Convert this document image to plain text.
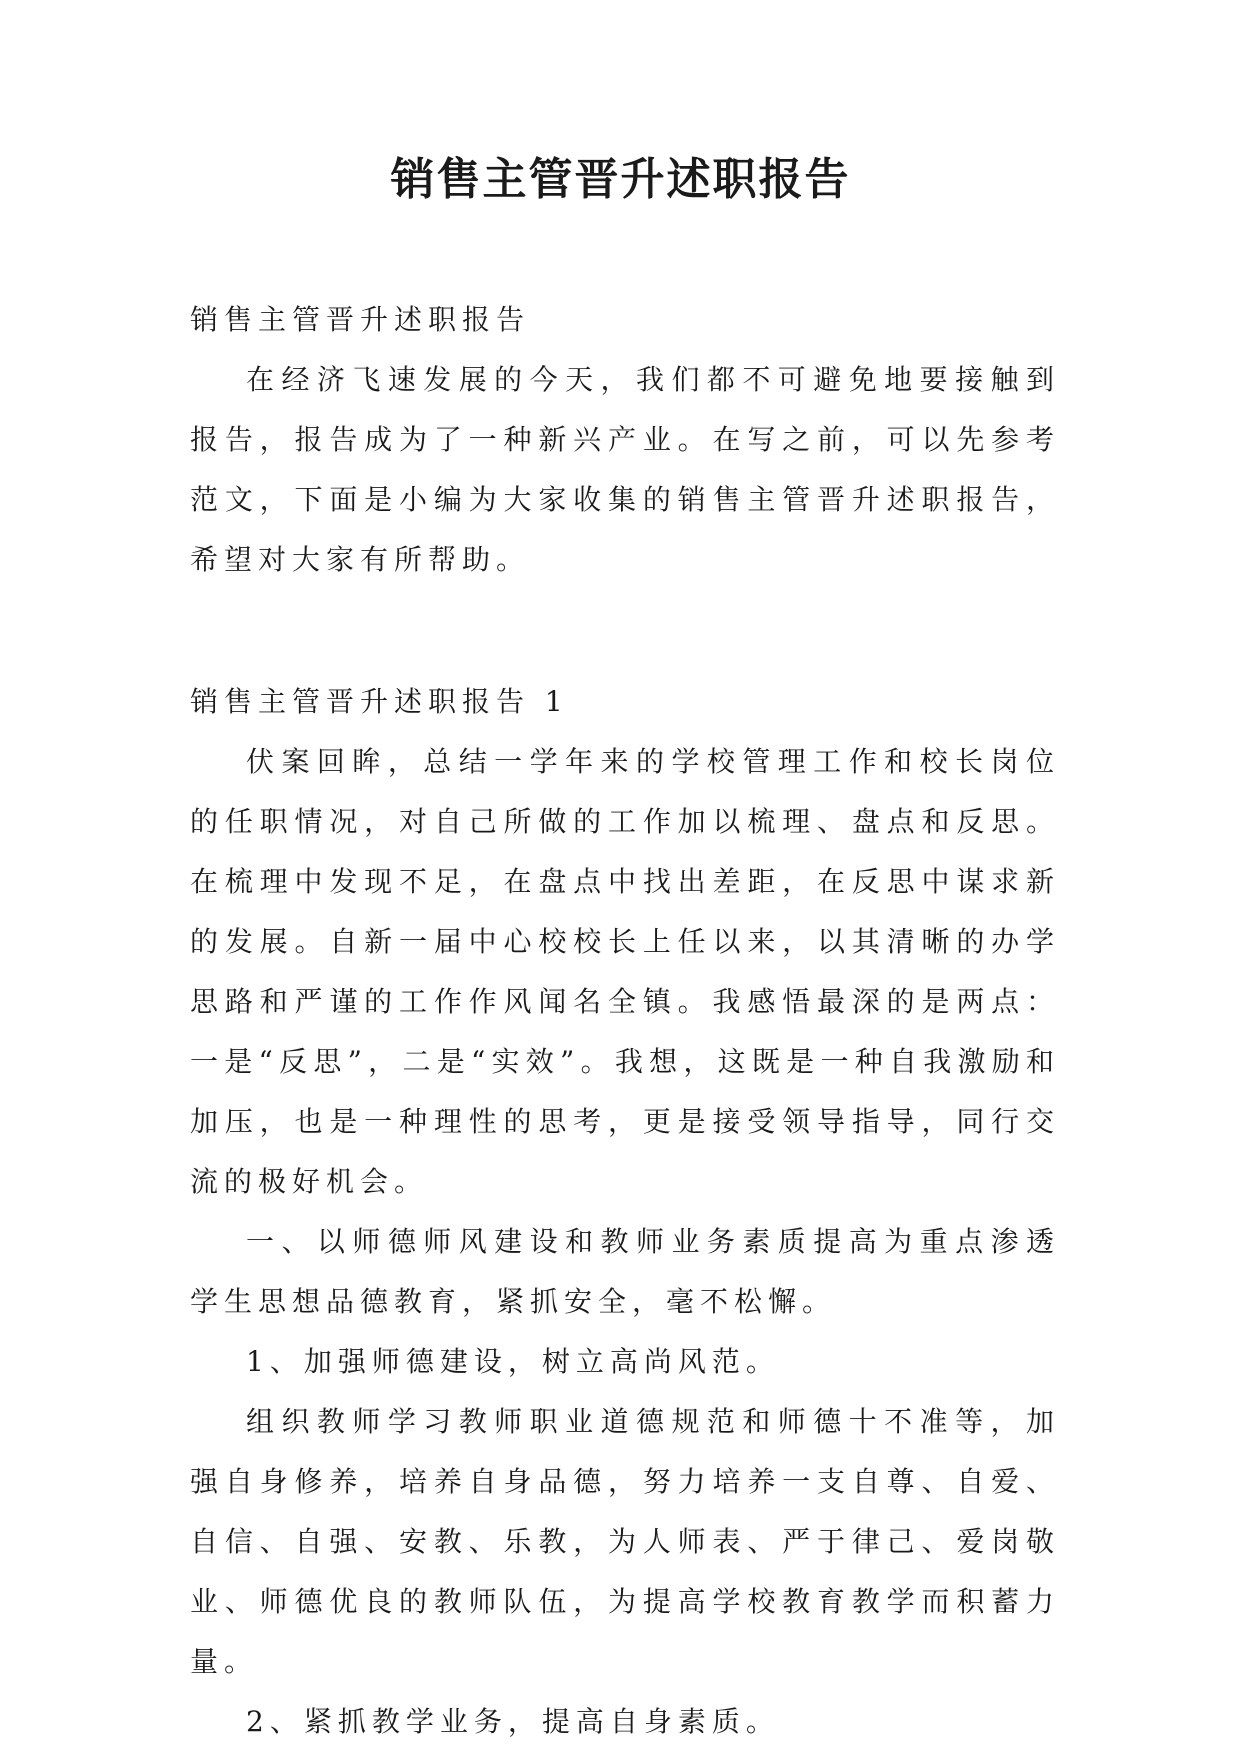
销售主管晋升述职报告

销售主管晋升述职报告

在经济飞速发展的今天，我们都不可避免地要接触到报告，报告成为了一种新兴产业。在写之前，可以先参考范文，下面是小编为大家收集的销售主管晋升述职报告，希望对大家有所帮助。

销售主管晋升述职报告 1

伏案回眸，总结一学年来的学校管理工作和校长岗位的任职情况，对自己所做的工作加以梳理、盘点和反思。在梳理中发现不足，在盘点中找出差距，在反思中谋求新的发展。自新一届中心校校长上任以来，以其清晰的办学思路和严谨的工作作风闻名全镇。我感悟最深的是两点：一是“反思”，二是“实效”。我想，这既是一种自我激励和加压，也是一种理性的思考，更是接受领导指导，同行交流的极好机会。

一、以师德师风建设和教师业务素质提高为重点渗透学生思想品德教育，紧抓安全，毫不松懈。

1、加强师德建设，树立高尚风范。

组织教师学习教师职业道德规范和师德十不准等，加强自身修养，培养自身品德，努力培养一支自尊、自爱、自信、自强、安教、乐教，为人师表、严于律己、爱岗敬业、师德优良的教师队伍，为提高学校教育教学而积蓄力量。

2、紧抓教学业务，提高自身素质。
